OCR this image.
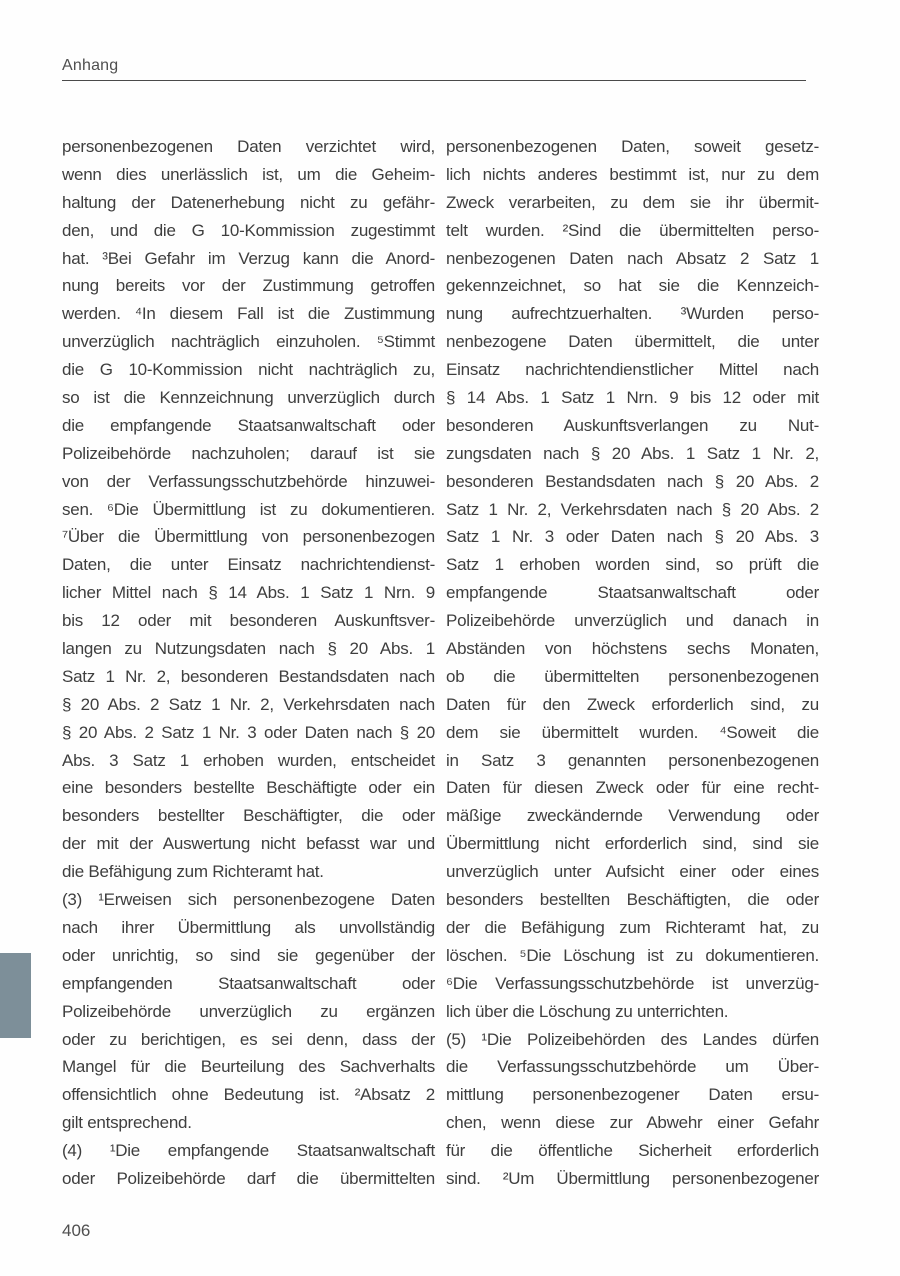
Anhang
personenbezogenen Daten verzichtet wird,
wenn dies unerlässlich ist, um die Geheim-
haltung der Datenerhebung nicht zu gefähr-
den, und die G 10-Kommission zugestimmt
hat. ³Bei Gefahr im Verzug kann die Anord-
nung bereits vor der Zustimmung getroffen
werden. ⁴In diesem Fall ist die Zustimmung
unverzüglich nachträglich einzuholen. ⁵Stimmt
die G 10-Kommission nicht nachträglich zu,
so ist die Kennzeichnung unverzüglich durch
die empfangende Staatsanwaltschaft oder
Polizeibehörde nachzuholen; darauf ist sie
von der Verfassungsschutzbehörde hinzuwei-
sen. ⁶Die Übermittlung ist zu dokumentieren.
⁷Über die Übermittlung von personenbezogen
Daten, die unter Einsatz nachrichtendienst-
licher Mittel nach § 14 Abs. 1 Satz 1 Nrn. 9
bis 12 oder mit besonderen Auskunftsver-
langen zu Nutzungsdaten nach § 20 Abs. 1
Satz 1 Nr. 2, besonderen Bestandsdaten nach
§ 20 Abs. 2 Satz 1 Nr. 2, Verkehrsdaten nach
§ 20 Abs. 2 Satz 1 Nr. 3 oder Daten nach § 20
Abs. 3 Satz 1 erhoben wurden, entscheidet
eine besonders bestellte Beschäftigte oder ein
besonders bestellter Beschäftigter, die oder
der mit der Auswertung nicht befasst war und
die Befähigung zum Richteramt hat.
(3) ¹Erweisen sich personenbezogene Daten
nach ihrer Übermittlung als unvollständig
oder unrichtig, so sind sie gegenüber der
empfangenden Staatsanwaltschaft oder
Polizeibehörde unverzüglich zu ergänzen
oder zu berichtigen, es sei denn, dass der
Mangel für die Beurteilung des Sachverhalts
offensichtlich ohne Bedeutung ist. ²Absatz 2
gilt entsprechend.
(4) ¹Die empfangende Staatsanwaltschaft
oder Polizeibehörde darf die übermittelten
personenbezogenen Daten, soweit gesetz-
lich nichts anderes bestimmt ist, nur zu dem
Zweck verarbeiten, zu dem sie ihr übermit-
telt wurden. ²Sind die übermittelten perso-
nenbezogenen Daten nach Absatz 2 Satz 1
gekennzeichnet, so hat sie die Kennzeich-
nung aufrechtzuerhalten. ³Wurden perso-
nenbezogene Daten übermittelt, die unter
Einsatz nachrichtendienstlicher Mittel nach
§ 14 Abs. 1 Satz 1 Nrn. 9 bis 12 oder mit
besonderen Auskunftsverlangen zu Nut-
zungsdaten nach § 20 Abs. 1 Satz 1 Nr. 2,
besonderen Bestandsdaten nach § 20 Abs. 2
Satz 1 Nr. 2, Verkehrsdaten nach § 20 Abs. 2
Satz 1 Nr. 3 oder Daten nach § 20 Abs. 3
Satz 1 erhoben worden sind, so prüft die
empfangende Staatsanwaltschaft oder
Polizeibehörde unverzüglich und danach in
Abständen von höchstens sechs Monaten,
ob die übermittelten personenbezogenen
Daten für den Zweck erforderlich sind, zu
dem sie übermittelt wurden. ⁴Soweit die
in Satz 3 genannten personenbezogenen
Daten für diesen Zweck oder für eine recht-
mäßige zweckändernde Verwendung oder
Übermittlung nicht erforderlich sind, sind sie
unverzüglich unter Aufsicht einer oder eines
besonders bestellten Beschäftigten, die oder
der die Befähigung zum Richteramt hat, zu
löschen. ⁵Die Löschung ist zu dokumentieren.
⁶Die Verfassungsschutzbehörde ist unverzüg-
lich über die Löschung zu unterrichten.
(5) ¹Die Polizeibehörden des Landes dürfen
die Verfassungsschutzbehörde um Über-
mittlung personenbezogener Daten ersu-
chen, wenn diese zur Abwehr einer Gefahr
für die öffentliche Sicherheit erforderlich
sind. ²Um Übermittlung personenbezogener
406
